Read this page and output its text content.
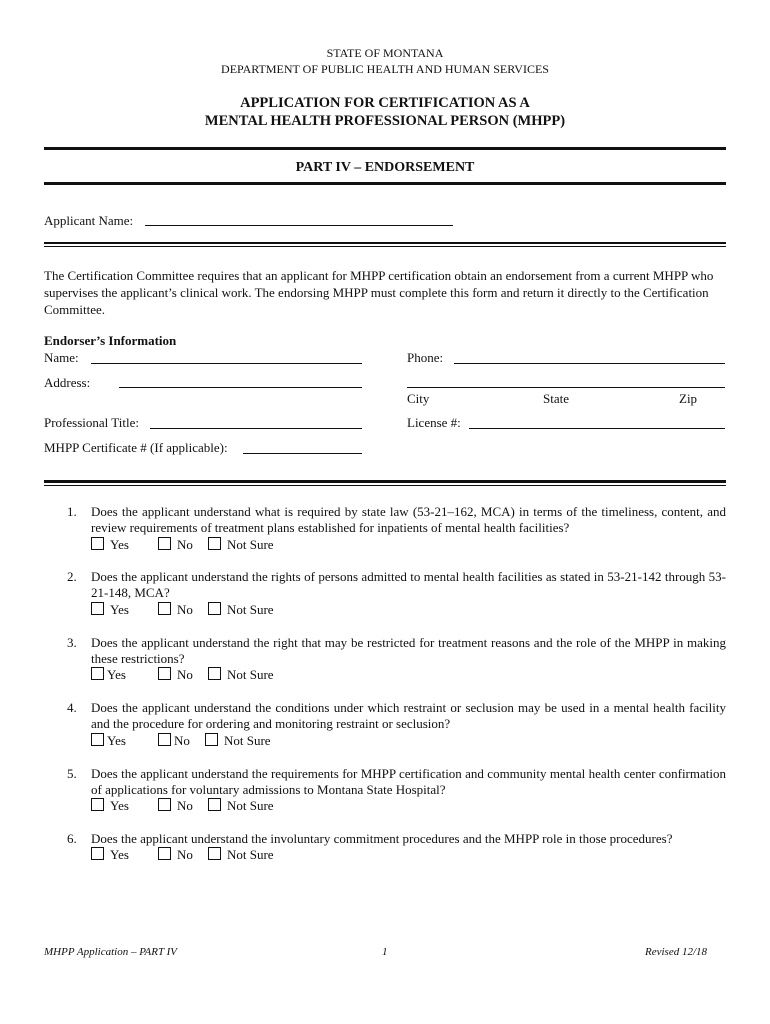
STATE OF MONTANA
DEPARTMENT OF PUBLIC HEALTH AND HUMAN SERVICES
APPLICATION FOR CERTIFICATION AS A
MENTAL HEALTH PROFESSIONAL PERSON (MHPP)
PART IV – ENDORSEMENT
Applicant Name:
The Certification Committee requires that an applicant for MHPP certification obtain an endorsement from a current MHPP who supervises the applicant’s clinical work. The endorsing MHPP must complete this form and return it directly to the Certification Committee.
Endorser’s Information
Name:	Phone:
Address:
City	State	Zip
Professional Title:	License #:
MHPP Certificate # (If applicable):
1. Does the applicant understand what is required by state law (53-21–162, MCA) in terms of the timeliness, content, and review requirements of treatment plans established for inpatients of mental health facilities?
Yes	No	Not Sure
2. Does the applicant understand the rights of persons admitted to mental health facilities as stated in 53-21-142 through 53-21-148, MCA?
Yes	No	Not Sure
3. Does the applicant understand the right that may be restricted for treatment reasons and the role of the MHPP in making these restrictions?
Yes	No	Not Sure
4. Does the applicant understand the conditions under which restraint or seclusion may be used in a mental health facility and the procedure for ordering and monitoring restraint or seclusion?
Yes	No	Not Sure
5. Does the applicant understand the requirements for MHPP certification and community mental health center confirmation of applications for voluntary admissions to Montana State Hospital?
Yes	No	Not Sure
6. Does the applicant understand the involuntary commitment procedures and the MHPP role in those procedures?
Yes	No	Not Sure
MHPP Application – PART IV	1	Revised 12/18
